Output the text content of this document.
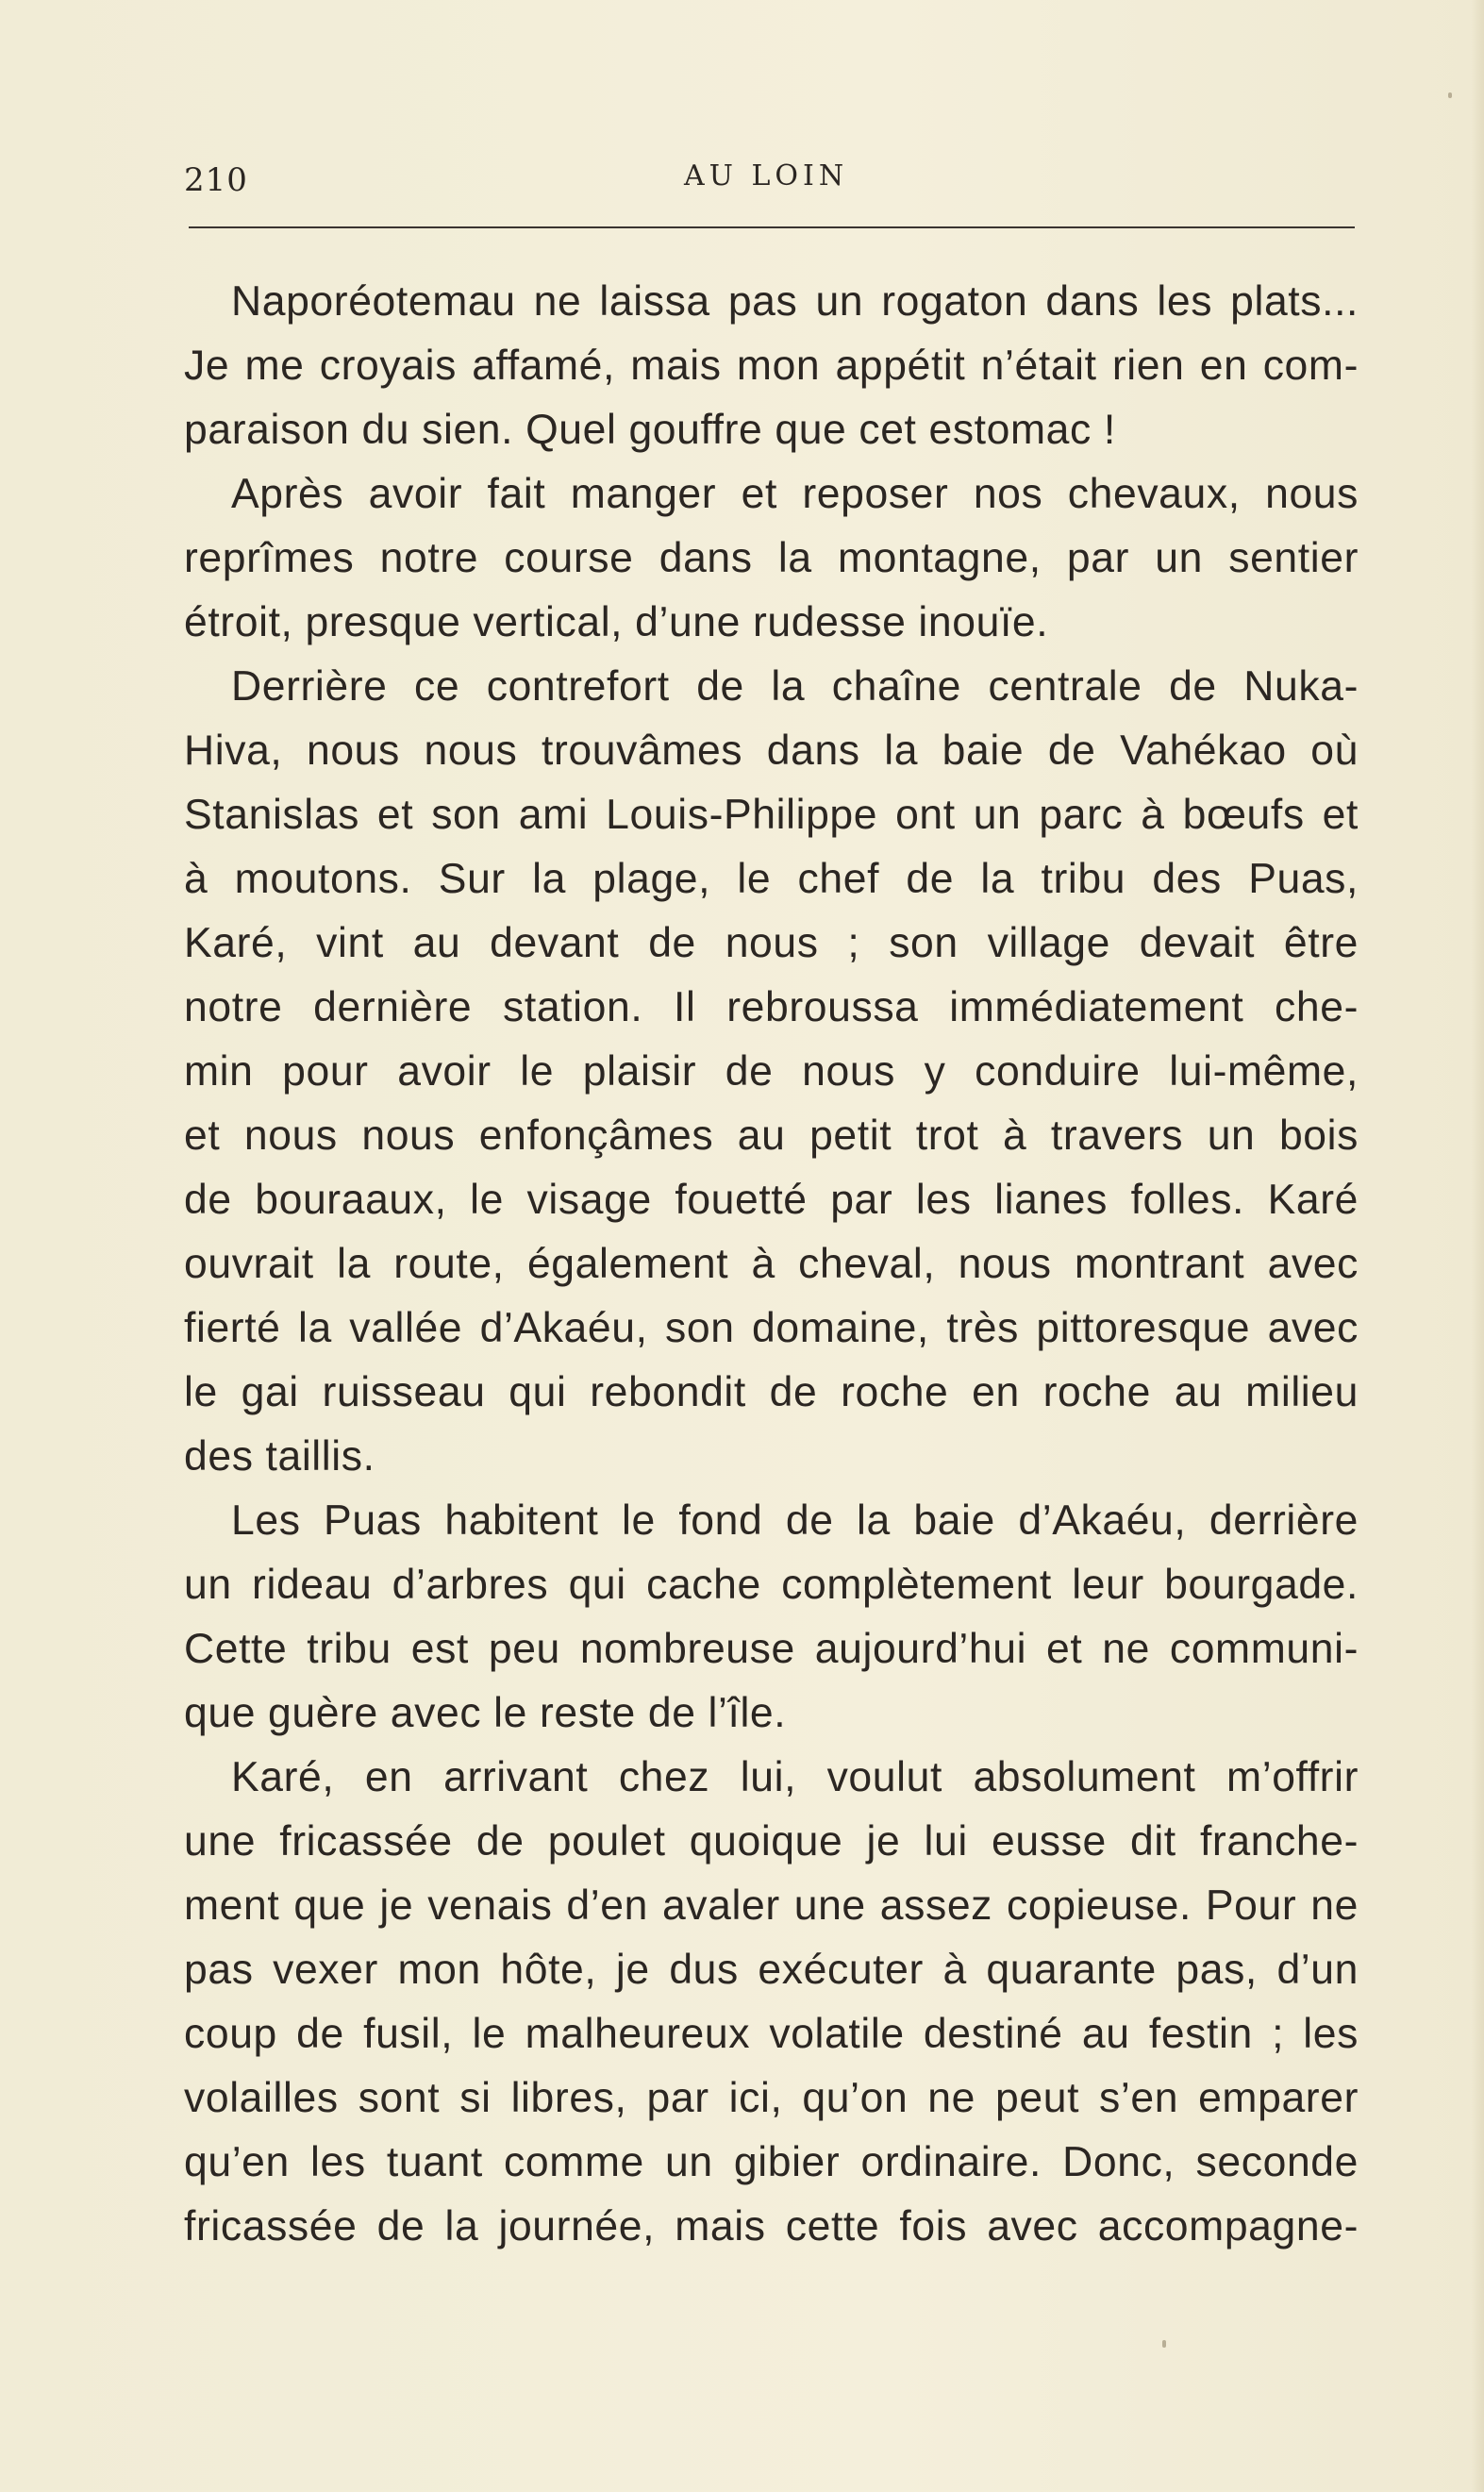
210	AU LOIN
Naporéotemau ne laissa pas un rogaton dans les plats...
Je me croyais affamé, mais mon appétit n’était rien en com-
paraison du sien. Quel gouffre que cet estomac !
Après avoir fait manger et reposer nos chevaux, nous
reprîmes notre course dans la montagne, par un sentier
étroit, presque vertical, d’une rudesse inouïe.
Derrière ce contrefort de la chaîne centrale de Nuka-
Hiva, nous nous trouvâmes dans la baie de Vahékao où
Stanislas et son ami Louis-Philippe ont un parc à bœufs et
à moutons. Sur la plage, le chef de la tribu des Puas,
Karé, vint au devant de nous ; son village devait être
notre dernière station. Il rebroussa immédiatement che-
min pour avoir le plaisir de nous y conduire lui-même,
et nous nous enfonçâmes au petit trot à travers un bois
de bouraaux, le visage fouetté par les lianes folles. Karé
ouvrait la route, également à cheval, nous montrant avec
fierté la vallée d’Akaéu, son domaine, très pittoresque avec
le gai ruisseau qui rebondit de roche en roche au milieu
des taillis.
Les Puas habitent le fond de la baie d’Akaéu, derrière
un rideau d’arbres qui cache complètement leur bourgade.
Cette tribu est peu nombreuse aujourd’hui et ne communi-
que guère avec le reste de l’île.
Karé, en arrivant chez lui, voulut absolument m’offrir
une fricassée de poulet quoique je lui eusse dit franche-
ment que je venais d’en avaler une assez copieuse. Pour ne
pas vexer mon hôte, je dus exécuter à quarante pas, d’un
coup de fusil, le malheureux volatile destiné au festin ; les
volailles sont si libres, par ici, qu’on ne peut s’en emparer
qu’en les tuant comme un gibier ordinaire. Donc, seconde
fricassée de la journée, mais cette fois avec accompagne-
